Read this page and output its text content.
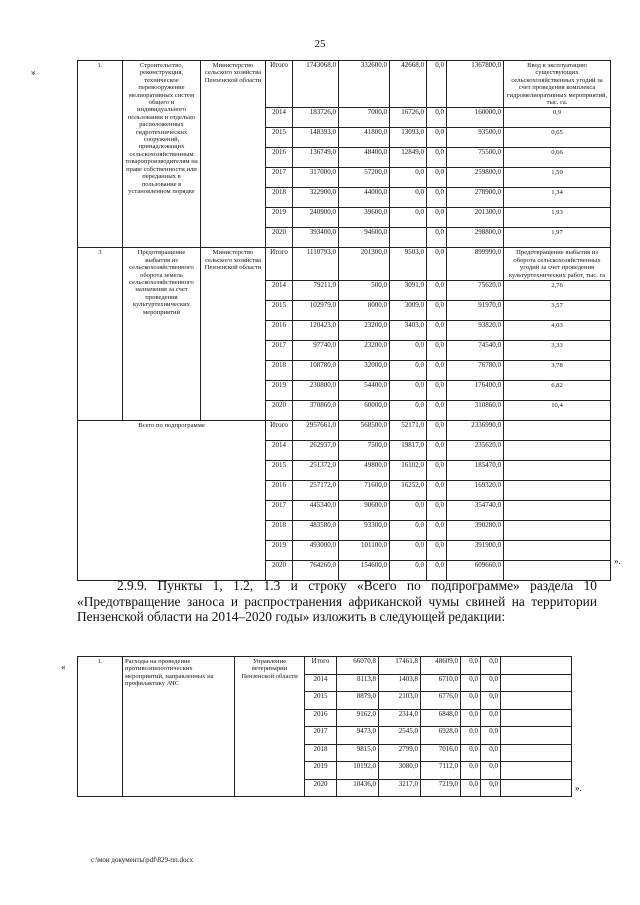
25
«
1.	Строительство, реконструкция, техническое перевооружение мелиоративных систем общего и индивидуального пользования и отдельно расположенных гидротехнических сооружений, принадлежащих сельскохозяйственным товаропроизводителям на праве собственности или переданных в пользование в установленном порядке	Министерство сельского хозяйства Пензенской области	Итого	1743068,0	332600,0	42668,0	0,0	1367800,0	Ввод в эксплуатацию существующих сельскохозяйственных угодий за счет проведения комплекса гидромелиоративных мероприятий, тыс. га.
			2014	183726,0	7000,0	16726,0	0,0	160000,0	0,9
			2015	148393,0	41800,0	13093,0	0,0	93500,0	0,65
			2016	136749,0	48400,0	12849,0	0,0	75500,0	0,66
			2017	317000,0	57200,0	0,0	0,0	259800,0	1,59
			2018	322900,0	44000,0	0,0	0,0	278900,0	1,34
			2019	240900,0	39600,0	0,0	0,0	201300,0	1,93
			2020	393400,0	94600,0		0,0	298800,0	1,97
3	Предотвращение выбытия из сельскохозяйственного оборота земель сельскохозяйственного назначения за счет проведения культуртехнических мероприятий	Министерство сельского хозяйства Пензенской области	Итого	1110793,0	201300,0	9503,0	0,0	899990,0	Предотвращение выбытия из оборота сельскохозяйственных угодий за счет проведения культуртехнических работ, тыс. га
			2014	79211,0	500,0	3091,0	0,0	75620,0	2,76
			2015	102979,0	8000,0	3009,0	0,0	91970,0	3,57
			2016	120423,0	23200,0	3403,0	0,0	93820,0	4,03
			2017	97740,0	23200,0	0,0	0,0	74540,0	3,33
			2018	108780,0	32000,0	0,0	0,0	76780,0	3,78
			2019	230800,0	54400,0	0,0	0,0	176400,0	6,82
			2020	370860,0	60000,0	0,0	0,0	310860,0	10,4
Всего по подпрограмме			Итого	2957661,0	568500,0	52171,0	0,0	2336990,0	
			2014	262937,0	7500,0	19817,0	0,0	235620,0	
			2015	251372,0	49800,0	16102,0	0,0	185470,0	
			2016	257172,0	71600,0	16252,0	0,0	169320,0	
			2017	445340,0	90600,0	0,0	0,0	354740,0	
			2018	483580,0	93300,0	0,0	0,0	390280,0	
			2019	493000,0	101100,0	0,0	0,0	391900,0	
			2020	764260,0	154600,0	0,0	0,0	609660,0		».
2.9.9. Пункты 1, 1.2, 1.3 и строку «Всего по подпрограмме» раздела 10 «Предотвращение заноса и распространения африканской чумы свиней на территории Пензенской области на 2014–2020 годы» изложить в следующей редакции:
«
1.	Расходы на проведение противоэпизоотических мероприятий, направленных на профилактику АЧС	Управление ветеринарии Пензенской области	Итого	66070,8	17461,8	48609,0	0,0	0,0	
			2014	8113,8	1403,8	6710,0	0,0	0,0	
			2015	8879,0	2103,0	6776,0	0,0	0,0	
			2016	9162,0	2314,0	6848,0	0,0	0,0	
			2017	9473,0	2545,0	6928,0	0,0	0,0	
			2018	9815,0	2799,0	7016,0	0,0	0,0	
			2019	10192,0	3080,0	7112,0	0,0	0,0	
			2020	10436,0	3217,0	7219,0	0,0	0,0		».
c:\мои документы\pdf\829-пп.docx
